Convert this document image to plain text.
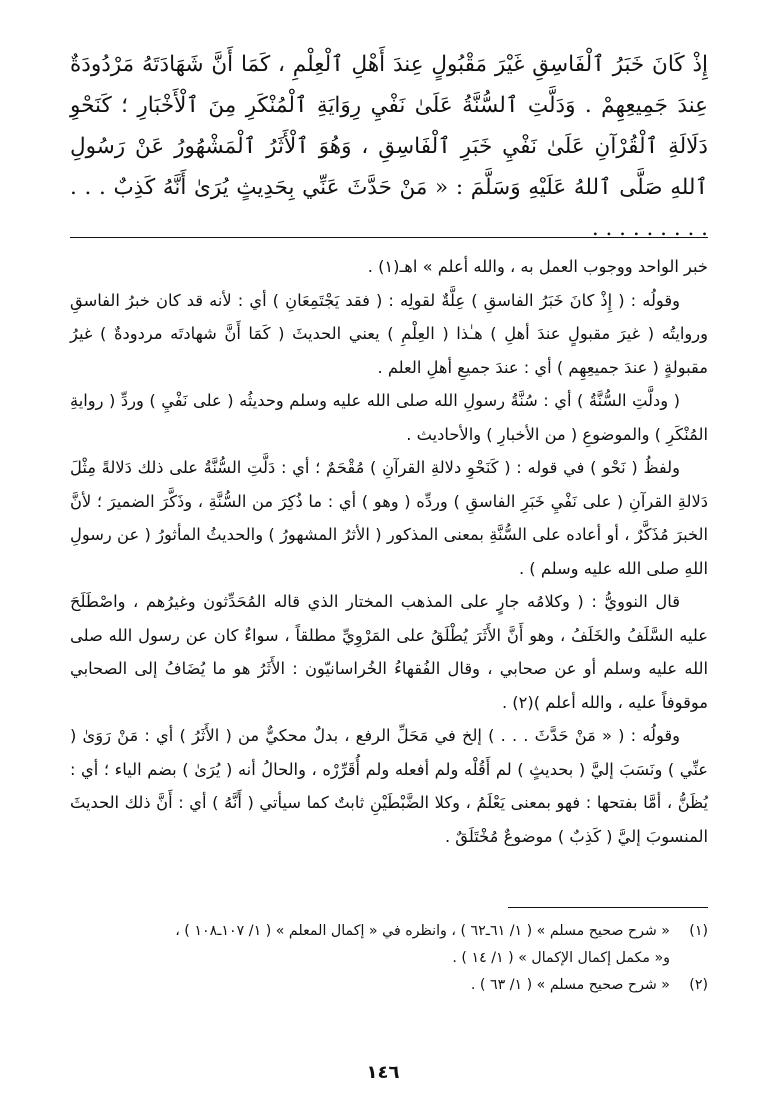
إِذْ كَانَ خَبَرُ ٱلْفَاسِقِ غَيْرَ مَقْبُولٍ عِندَ أَهْلِ ٱلْعِلْمِ ، كَمَا أَنَّ شَهَادَتَهُ مَرْدُودَةٌ عِندَ جَمِيعِهِمْ . وَدَلَّتِ ٱلسُّنَّةُ عَلَىٰ نَفْيِ رِوَايَةِ ٱلْمُنْكَرِ مِنَ ٱلْأَخْبَارِ ؛ كَنَحْوِ دَلَالَةِ ٱلْقُرْآنِ عَلَىٰ نَفْيِ خَبَرِ ٱلْفَاسِقِ ، وَهُوَ ٱلْأَثَرُ ٱلْمَشْهُورُ عَنْ رَسُولِ ٱللهِ صَلَّى ٱللهُ عَلَيْهِ وَسَلَّمَ : « مَنْ حَدَّثَ عَنِّي بِحَدِيثٍ يُرَىٰ أَنَّهُ كَذِبٌ . . . . . . . . . . . .

خبر الواحد ووجوب العمل به ، والله أعلم » اهـ(١) .

وقولُه : ( إِذْ كانَ خَبَرُ الفاسقِ ) عِلَّةٌ لقولِه : ( فقد يَجْتَمِعَانِ ) أي : لأنه قد كان خبرُ الفاسقِ وروايتُه ( غيرَ مقبولٍ عندَ أهلِ ) هـٰذا ( العِلْمِ ) يعني الحديثَ ( كَمَا أَنَّ شهادتَه مردودةٌ ) غيرُ مقبولةٍ ( عندَ جميعِهِم ) أي : عندَ جميعِ أهلِ العلم .

( ودلَّتِ السُّنَّةُ ) أي : سُنَّةُ رسولِ الله صلى الله عليه وسلم وحديثُه ( على نَفْيِ ) وردِّ ( روايةِ المُنْكَرِ ) والموضوعِ ( من الأخبارِ ) والأحاديث .

ولفظُ ( نَحْو ) في قوله : ( كَنَحْوِ دلالةِ القرآنِ ) مُقْحَمٌ ؛ أي : دَلَّتِ السُّنَّةُ على ذلك دَلالةً مِثْلَ دَلالةِ القرآنِ ( على نَفْيِ خَبَرِ الفاسقِ ) وردِّه ( وهو ) أي : ما ذُكِرَ من السُّنَّةِ ، وذَكَّرَ الضميرَ ؛ لأنَّ الخبرَ مُذَكَّرٌ ، أو أعاده على السُّنَّةِ بمعنى المذكور ( الأثرُ المشهورُ ) والحديثُ المأثورُ ( عن رسولِ اللهِ صلى الله عليه وسلم ) .

قال النوويُّ : ( وكلامُه جارٍ على المذهب المختار الذي قاله المُحَدِّثون وغيرُهم ، واصْطَلَحَ عليه السَّلَفُ والخَلَفُ ، وهو أَنَّ الأَثَرَ يُطْلَقُ على المَرْوِيِّ مطلقاً ، سواءٌ كان عن رسول الله صلى الله عليه وسلم أو عن صحابي ، وقال الفُقهاءُ الخُراسانيّون : الأَثَرُ هو ما يُضَافُ إلى الصحابي موقوفاً عليه ، والله أعلم )(٢) .

وقولُه : ( « مَنْ حَدَّثَ . . . ) إلخ في مَحَلِّ الرفع ، بدلٌ محكيٌّ من ( الأَثَرُ ) أي : مَنْ رَوَىٰ ( عنِّي ) ونَسَبَ إليَّ ( بحديثٍ ) لم أَقُلْه ولم أفعله ولم أُقَرِّرْه ، والحالُ أنه ( يُرَىٰ ) بضم الياء ؛ أي : يُظَنُّ ، أمَّا بفتحها : فهو بمعنى يَعْلَمُ ، وكلا الضَّبْطَيْنِ ثابتٌ كما سيأتي ( أَنَّهُ ) أي : أَنَّ ذلك الحديثَ المنسوبَ إليَّ ( كَذِبٌ ) موضوعٌ مُخْتَلَقٌ .

(١)« شرح صحيح مسلم » ( ١/ ٦١ـ٦٢ ) ، وانظره في « إكمال المعلم » ( ١/ ١٠٧ـ١٠٨ ) ،

و« مكمل إكمال الإكمال » ( ١/ ١٤ ) .

(٢)« شرح صحيح مسلم » ( ١/ ٦٣ ) .

١٤٦
